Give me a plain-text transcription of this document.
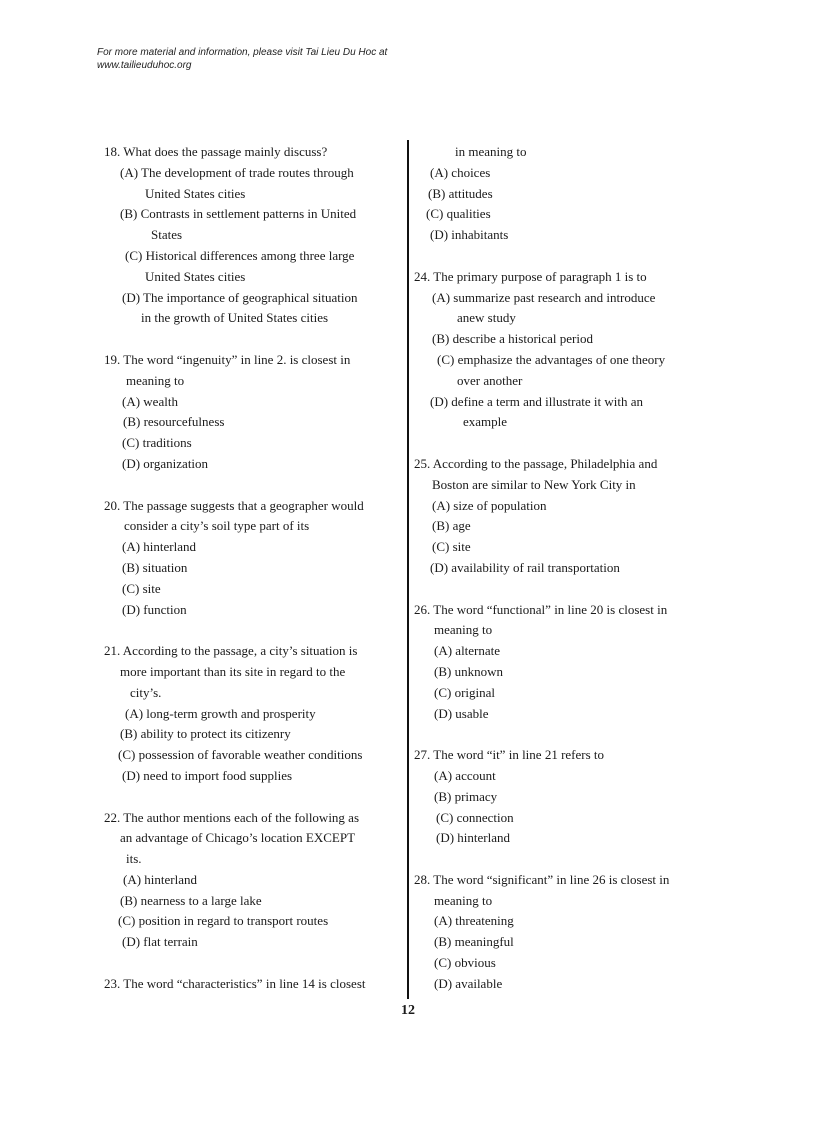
For more material and information, please visit Tai Lieu Du Hoc at
www.tailieuduhoc.org
18. What does the passage mainly discuss?
(A) The development of trade routes through
United States cities
(B) Contrasts in settlement patterns in United
States
(C) Historical differences among three large
United States cities
(D) The importance of geographical situation
in the growth of United States cities
19. The word “ingenuity” in line 2. is closest in
meaning to
(A) wealth
(B) resourcefulness
(C) traditions
(D) organization
20. The passage suggests that a geographer would
consider a city’s soil type part of its
(A) hinterland
(B) situation
(C) site
(D) function
21. According to the passage, a city’s situation is
more important than its site in regard to the
city’s.
(A) long-term growth and prosperity
(B) ability to protect its citizenry
(C) possession of favorable weather conditions
(D) need to import food supplies
22. The author mentions each of the following as
an advantage of Chicago’s location EXCEPT
its.
(A) hinterland
(B) nearness to a large lake
(C) position in regard to transport routes
(D) flat terrain
23. The word “characteristics” in line 14 is closest
in meaning to
(A) choices
(B) attitudes
(C) qualities
(D) inhabitants
24. The primary purpose of paragraph 1 is to
(A) summarize past research and introduce
anew study
(B) describe a historical period
(C) emphasize the advantages of one theory
over another
(D) define a term and illustrate it with an
example
25. According to the passage, Philadelphia and
Boston are similar to New York City in
(A) size of population
(B) age
(C) site
(D) availability of rail transportation
26. The word “functional” in line 20 is closest in
meaning to
(A) alternate
(B) unknown
(C) original
(D) usable
27. The word “it” in line 21 refers to
(A) account
(B) primacy
(C) connection
(D) hinterland
28. The word “significant” in line 26 is closest in
meaning to
(A) threatening
(B) meaningful
(C) obvious
(D) available
12
